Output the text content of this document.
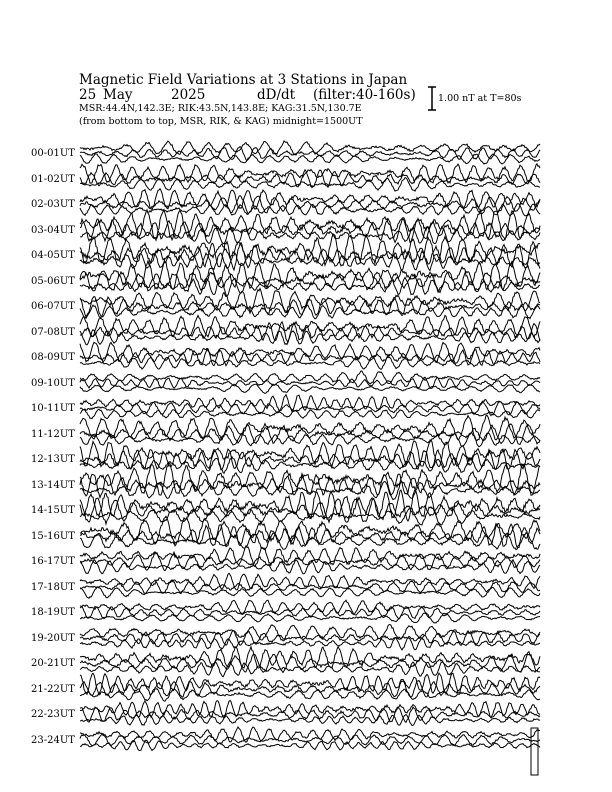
Magnetic Field Variations at 3 Stations in Japan
25 May	2025	dD/dt (filter:40-160s)
MSR:44.4N,142.3E; RIK:43.5N,143.8E; KAG:31.5N,130.7E
(from bottom to top, MSR, RIK, & KAG) midnight=1500UT
1.00 nT at T=80s
00-01UT
01-02UT
02-03UT
03-04UT
04-05UT
05-06UT
06-07UT
07-08UT
08-09UT
09-10UT
10-11UT
11-12UT
12-13UT
13-14UT
14-15UT
15-16UT
16-17UT
17-18UT
18-19UT
19-20UT
20-21UT
21-22UT
22-23UT
23-24UT
